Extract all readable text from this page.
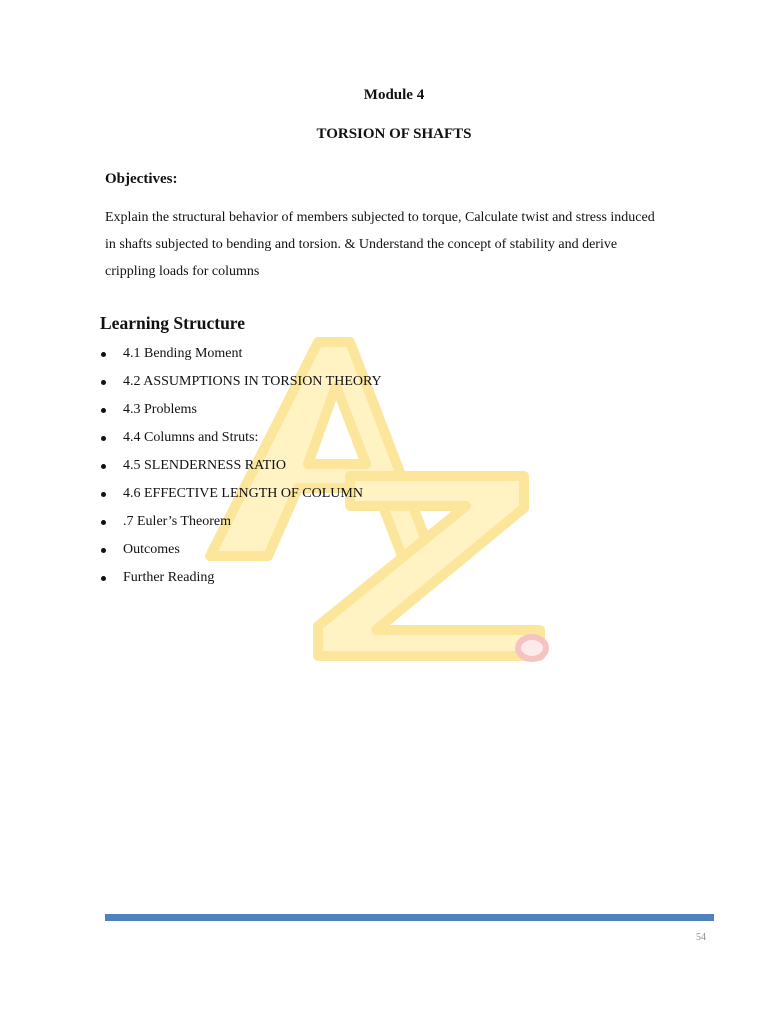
Module 4
TORSION OF SHAFTS
Objectives:
Explain the structural behavior of members subjected to torque, Calculate twist and stress induced
in shafts subjected to bending and torsion. & Understand the concept of stability and derive
crippling loads for columns
Learning Structure
4.1 Bending Moment
4.2 ASSUMPTIONS IN TORSION THEORY
4.3 Problems
4.4 Columns and Struts:
4.5 SLENDERNESS RATIO
4.6 EFFECTIVE LENGTH OF COLUMN
.7 Euler’s Theorem
Outcomes
Further Reading
54
